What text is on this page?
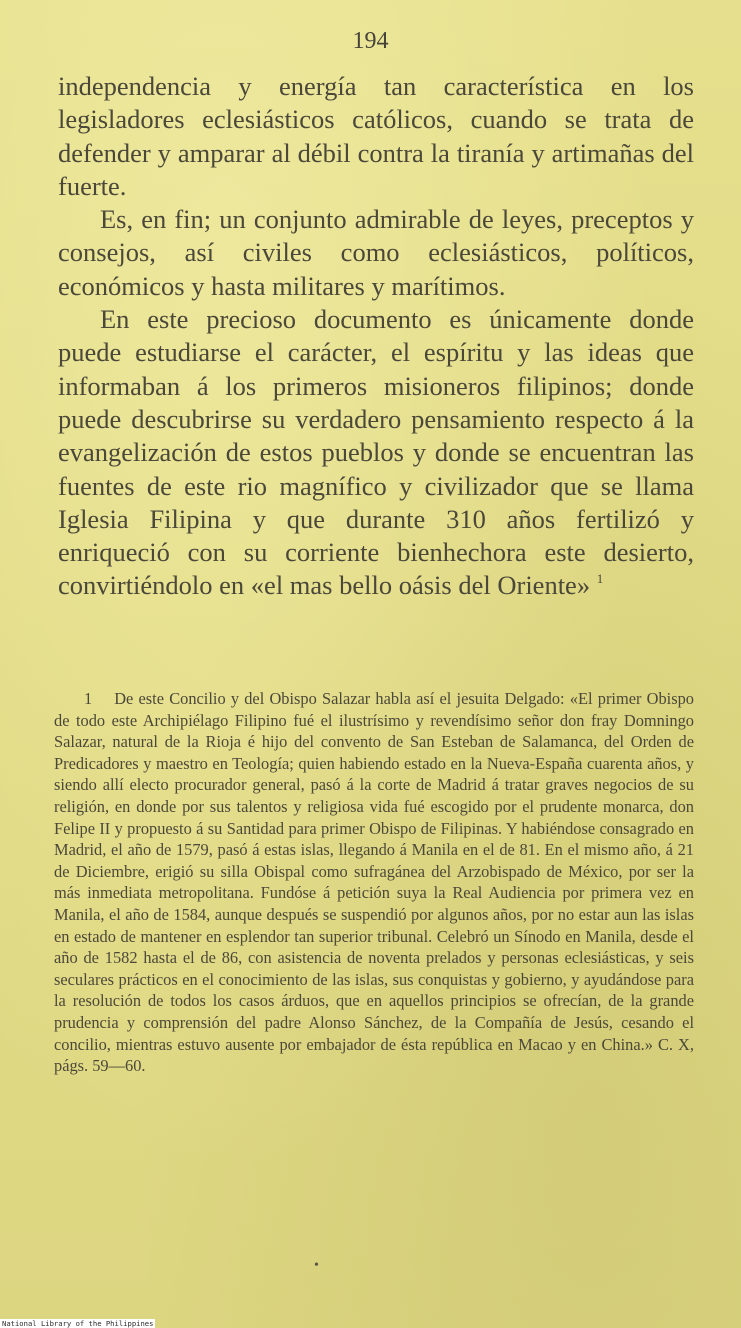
194

independencia y energía tan característica en los legisladores eclesiásticos católicos, cuando se trata de defender y amparar al débil contra la tiranía y artimañas del fuerte.

Es, en fin; un conjunto admirable de leyes, preceptos y consejos, así civiles como eclesiásticos, políticos, económicos y hasta militares y marítimos.

En este precioso documento es únicamente donde puede estudiarse el carácter, el espíritu y las ideas que informaban á los primeros misioneros filipinos; donde puede descubrirse su verdadero pensamiento respecto á la evangelización de estos pueblos y donde se encuentran las fuentes de este rio magnífico y civilizador que se llama Iglesia Filipina y que durante 310 años fertilizó y enriqueció con su corriente bienhechora este desierto, convirtiéndolo en «el mas bello oásis del Oriente» $^1$

1 De este Concilio y del Obispo Salazar habla así el jesuita Delgado: «El primer Obispo de todo este Archipiélago Filipino fué el ilustrísimo y revendísimo señor don fray Domningo Salazar, natural de la Rioja é hijo del convento de San Esteban de Salamanca, del Orden de Predicadores y maestro en Teología; quien habiendo estado en la Nueva-España cuarenta años, y siendo allí electo procurador general, pasó á la corte de Madrid á tratar graves negocios de su religión, en donde por sus talentos y religiosa vida fué escogido por el prudente monarca, don Felipe II y propuesto á su Santidad para primer Obispo de Filipinas. Y habiéndose consagrado en Madrid, el año de 1579, pasó á estas islas, llegando á Manila en el de 81. En el mismo año, á 21 de Diciembre, erigió su silla Obispal como sufragánea del Arzobispado de México, por ser la más inmediata metropolitana. Fundóse á petición suya la Real Audiencia por primera vez en Manila, el año de 1584, aunque después se suspendió por algunos años, por no estar aun las islas en estado de mantener en esplendor tan superior tribunal. Celebró un Sínodo en Manila, desde el año de 1582 hasta el de 86, con asistencia de noventa prelados y personas eclesiásticas, y seis seculares prácticos en el conocimiento de las islas, sus conquistas y gobierno, y ayudándose para la resolución de todos los casos árduos, que en aquellos principios se ofrecían, de la grande prudencia y comprensión del padre Alonso Sánchez, de la Compañía de Jesús, cesando el concilio, mientras estuvo ausente por embajador de ésta república en Macao y en China.» C. X, págs. 59—60.

•
National Library of the Philippines
